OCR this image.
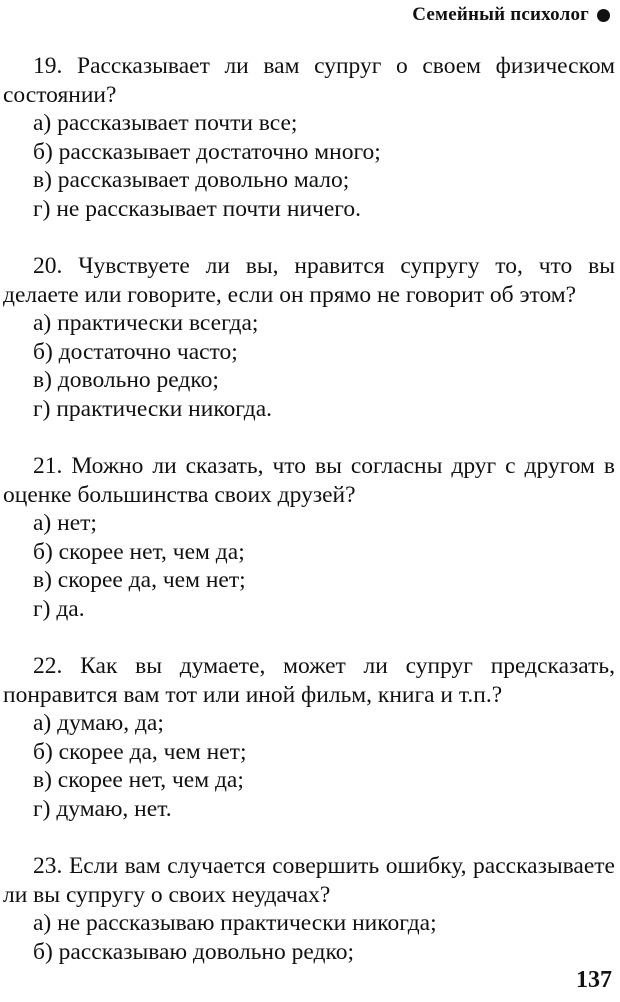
Семейный психолог

19. Рассказывает ли вам супруг о своем физическом состоянии?

а) рассказывает почти все;
б) рассказывает достаточно много;
в) рассказывает довольно мало;
г) не рассказывает почти ничего.

20. Чувствуете ли вы, нравится супругу то, что вы делаете или говорите, если он прямо не говорит об этом?

а) практически всегда;
б) достаточно часто;
в) довольно редко;
г) практически никогда.

21. Можно ли сказать, что вы согласны друг с другом в оценке большинства своих друзей?

а) нет;
б) скорее нет, чем да;
в) скорее да, чем нет;
г) да.

22. Как вы думаете, может ли супруг предсказать, понравится вам тот или иной фильм, книга и т.п.?

а) думаю, да;
б) скорее да, чем нет;
в) скорее нет, чем да;
г) думаю, нет.

23. Если вам случается совершить ошибку, рассказываете ли вы супругу о своих неудачах?

а) не рассказываю практически никогда;
б) рассказываю довольно редко;
137
